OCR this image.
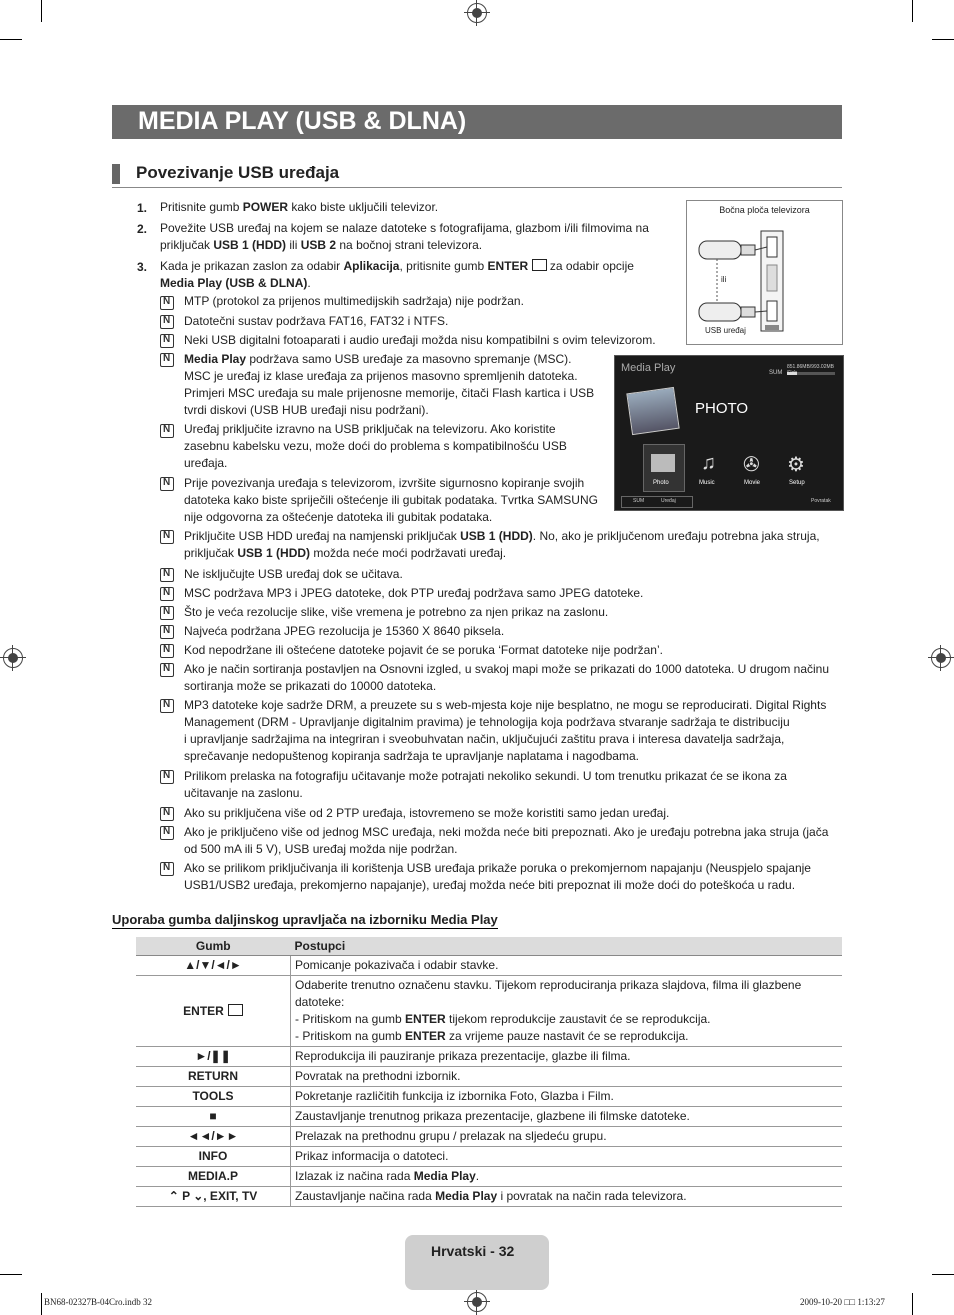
MEDIA PLAY (USB & DLNA)
Povezivanje USB uređaja
1. Pritisnite gumb POWER kako biste uključili televizor.
2. Povežite USB uređaj na kojem se nalaze datoteke s fotografijama, glazbom i/ili filmovima na
priključak USB 1 (HDD) ili USB 2 na bočnoj strani televizora.
3. Kada je prikazan zaslon za odabir Aplikacija, pritisnite gumb ENTER  za odabir opcije
Media Play (USB & DLNA).
N
MTP (protokol za prijenos multimedijskih sadržaja) nije podržan.
N
Datotečni sustav podržava FAT16, FAT32 i NTFS.
N
Neki USB digitalni fotoaparati i audio uređaji možda nisu kompatibilni s ovim televizorom.
N
Media Play podržava samo USB uređaje za masovno spremanje (MSC).
MSC je uređaj iz klase uređaja za prijenos masovno spremljenih datoteka.
Primjeri MSC uređaja su male prijenosne memorije, čitači Flash kartica i USB
tvrdi diskovi (USB HUB uređaji nisu podržani).
N
Uređaj priključite izravno na USB priključak na televizoru. Ako koristite
zasebnu kabelsku vezu, može doći do problema s kompatibilnošću USB
uređaja.
N
Prije povezivanja uređaja s televizorom, izvršite sigurnosno kopiranje svojih
datoteka kako biste spriječili oštećenje ili gubitak podataka. Tvrtka SAMSUNG
nije odgovorna za oštećenje datoteka ili gubitak podataka.
N
Priključite USB HDD uređaj na namjenski priključak USB 1 (HDD). No, ako je priključenom uređaju potrebna jaka struja,
priključak USB 1 (HDD) možda neće moći podržavati uređaj.
N
Ne isključujte USB uređaj dok se učitava.
N
MSC podržava MP3 i JPEG datoteke, dok PTP uređaj podržava samo JPEG datoteke.
N
Što je veća rezolucije slike, više vremena je potrebno za njen prikaz na zaslonu.
N
Najveća podržana JPEG rezolucija je 15360 X 8640 piksela.
N
Kod nepodržane ili oštećene datoteke pojavit će se poruka ‘Format datoteke nije podržan’.
N
Ako je način sortiranja postavljen na Osnovni izgled, u svakoj mapi može se prikazati do 1000 datoteka. U drugom načinu
sortiranja može se prikazati do 10000 datoteka.
N
MP3 datoteke koje sadrže DRM, a preuzete su s web-mjesta koje nije besplatno, ne mogu se reproducirati. Digital Rights
Management (DRM - Upravljanje digitalnim pravima) je tehnologija koja podržava stvaranje sadržaja te distribuciju
i upravljanje sadržajima na integriran i sveobuhvatan način, uključujući zaštitu prava i interesa davatelja sadržaja,
sprečavanje nedopuštenog kopiranja sadržaja te upravljanje naplatama i nagodbama.
N
Prilikom prelaska na fotografiju učitavanje može potrajati nekoliko sekundi. U tom trenutku prikazat će se ikona za
učitavanje na zaslonu.
N
Ako su priključena više od 2 PTP uređaja, istovremeno se može koristiti samo jedan uređaj.
N
Ako je priključeno više od jednog MSC uređaja, neki možda neće biti prepoznati. Ako je uređaju potrebna jaka struja (jača
od 500 mA ili 5 V), USB uređaj možda nije podržan.
N
Ako se prilikom priključivanja ili korištenja USB uređaja prikaže poruka o prekomjernom napajanju (Neuspjelo spajanje
USB1/USB2 uređaja, prekomjerno napajanje), uređaj možda neće biti prepoznat ili može doći do poteškoća u radu.
Bočna ploča televizora
ili
USB uređaj
Media Play	SUM
851.86MB/993.02MB
PHOTO
♫ ✇ ⚙
Photo	Music	Movie	Setup
SUM	Uređaj	Povratak
Uporaba gumba daljinskog upravljača na izborniku Media Play
Gumb	Postupci
▲/▼/◄/►	Pomicanje pokazivača i odabir stavke.
ENTER	Odaberite trenutno označenu stavku. Tijekom reproduciranja prikaza slajdova, filma ili glazbene
datoteke:
- Pritiskom na gumb ENTER tijekom reprodukcije zaustavit će se reprodukcija.
- Pritiskom na gumb ENTER za vrijeme pauze nastavit će se reprodukcija.
►/❚❚	Reprodukcija ili pauziranje prikaza prezentacije, glazbe ili filma.
RETURN	Povratak na prethodni izbornik.
TOOLS	Pokretanje različitih funkcija iz izbornika Foto, Glazba i Film.
■	Zaustavljanje trenutnog prikaza prezentacije, glazbene ili filmske datoteke.
◄◄/►►	Prelazak na prethodnu grupu / prelazak na sljedeću grupu.
INFO	Prikaz informacija o datoteci.
MEDIA.P	Izlazak iz načina rada Media Play.
⌃ P ⌄, EXIT, TV	Zaustavljanje načina rada Media Play i povratak na način rada televizora.
Hrvatski - 32
BN68-02327B-04Cro.indb 32	2009-10-20 □□ 1:13:27
